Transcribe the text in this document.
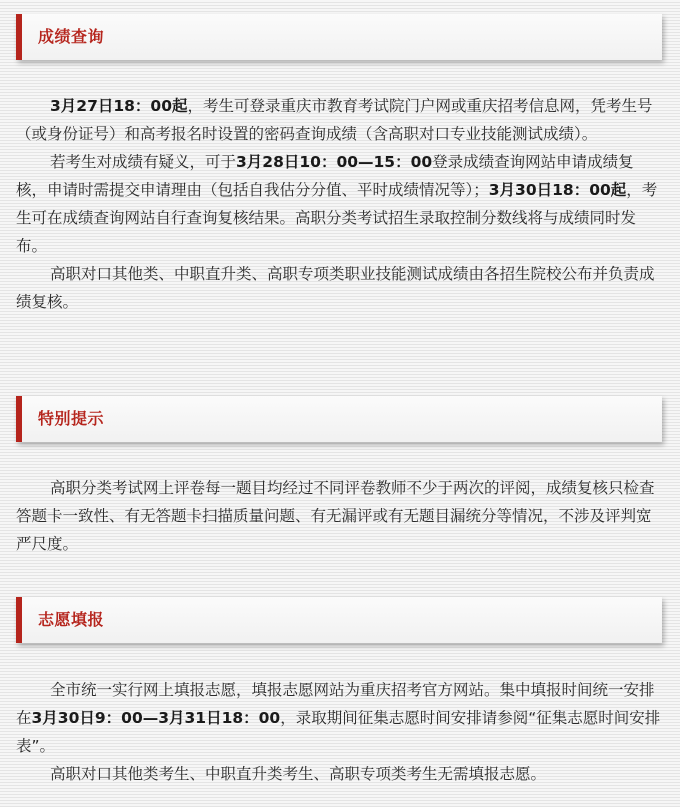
成绩查询

3月27日18：00起，考生可登录重庆市教育考试院门户网或重庆招考信息网，凭考生号（或身份证号）和高考报名时设置的密码查询成绩（含高职对口专业技能测试成绩）。

若考生对成绩有疑义，可于3月28日10：00—15：00登录成绩查询网站申请成绩复核，申请时需提交申请理由（包括自我估分分值、平时成绩情况等）；3月30日18：00起，考生可在成绩查询网站自行查询复核结果。高职分类考试招生录取控制分数线将与成绩同时发布。

高职对口其他类、中职直升类、高职专项类职业技能测试成绩由各招生院校公布并负责成绩复核。

特别提示

高职分类考试网上评卷每一题目均经过不同评卷教师不少于两次的评阅，成绩复核只检查答题卡一致性、有无答题卡扫描质量问题、有无漏评或有无题目漏统分等情况，不涉及评判宽严尺度。

志愿填报

全市统一实行网上填报志愿，填报志愿网站为重庆招考官方网站。集中填报时间统一安排在3月30日9：00—3月31日18：00，录取期间征集志愿时间安排请参阅“征集志愿时间安排表”。

高职对口其他类考生、中职直升类考生、高职专项类考生无需填报志愿。
